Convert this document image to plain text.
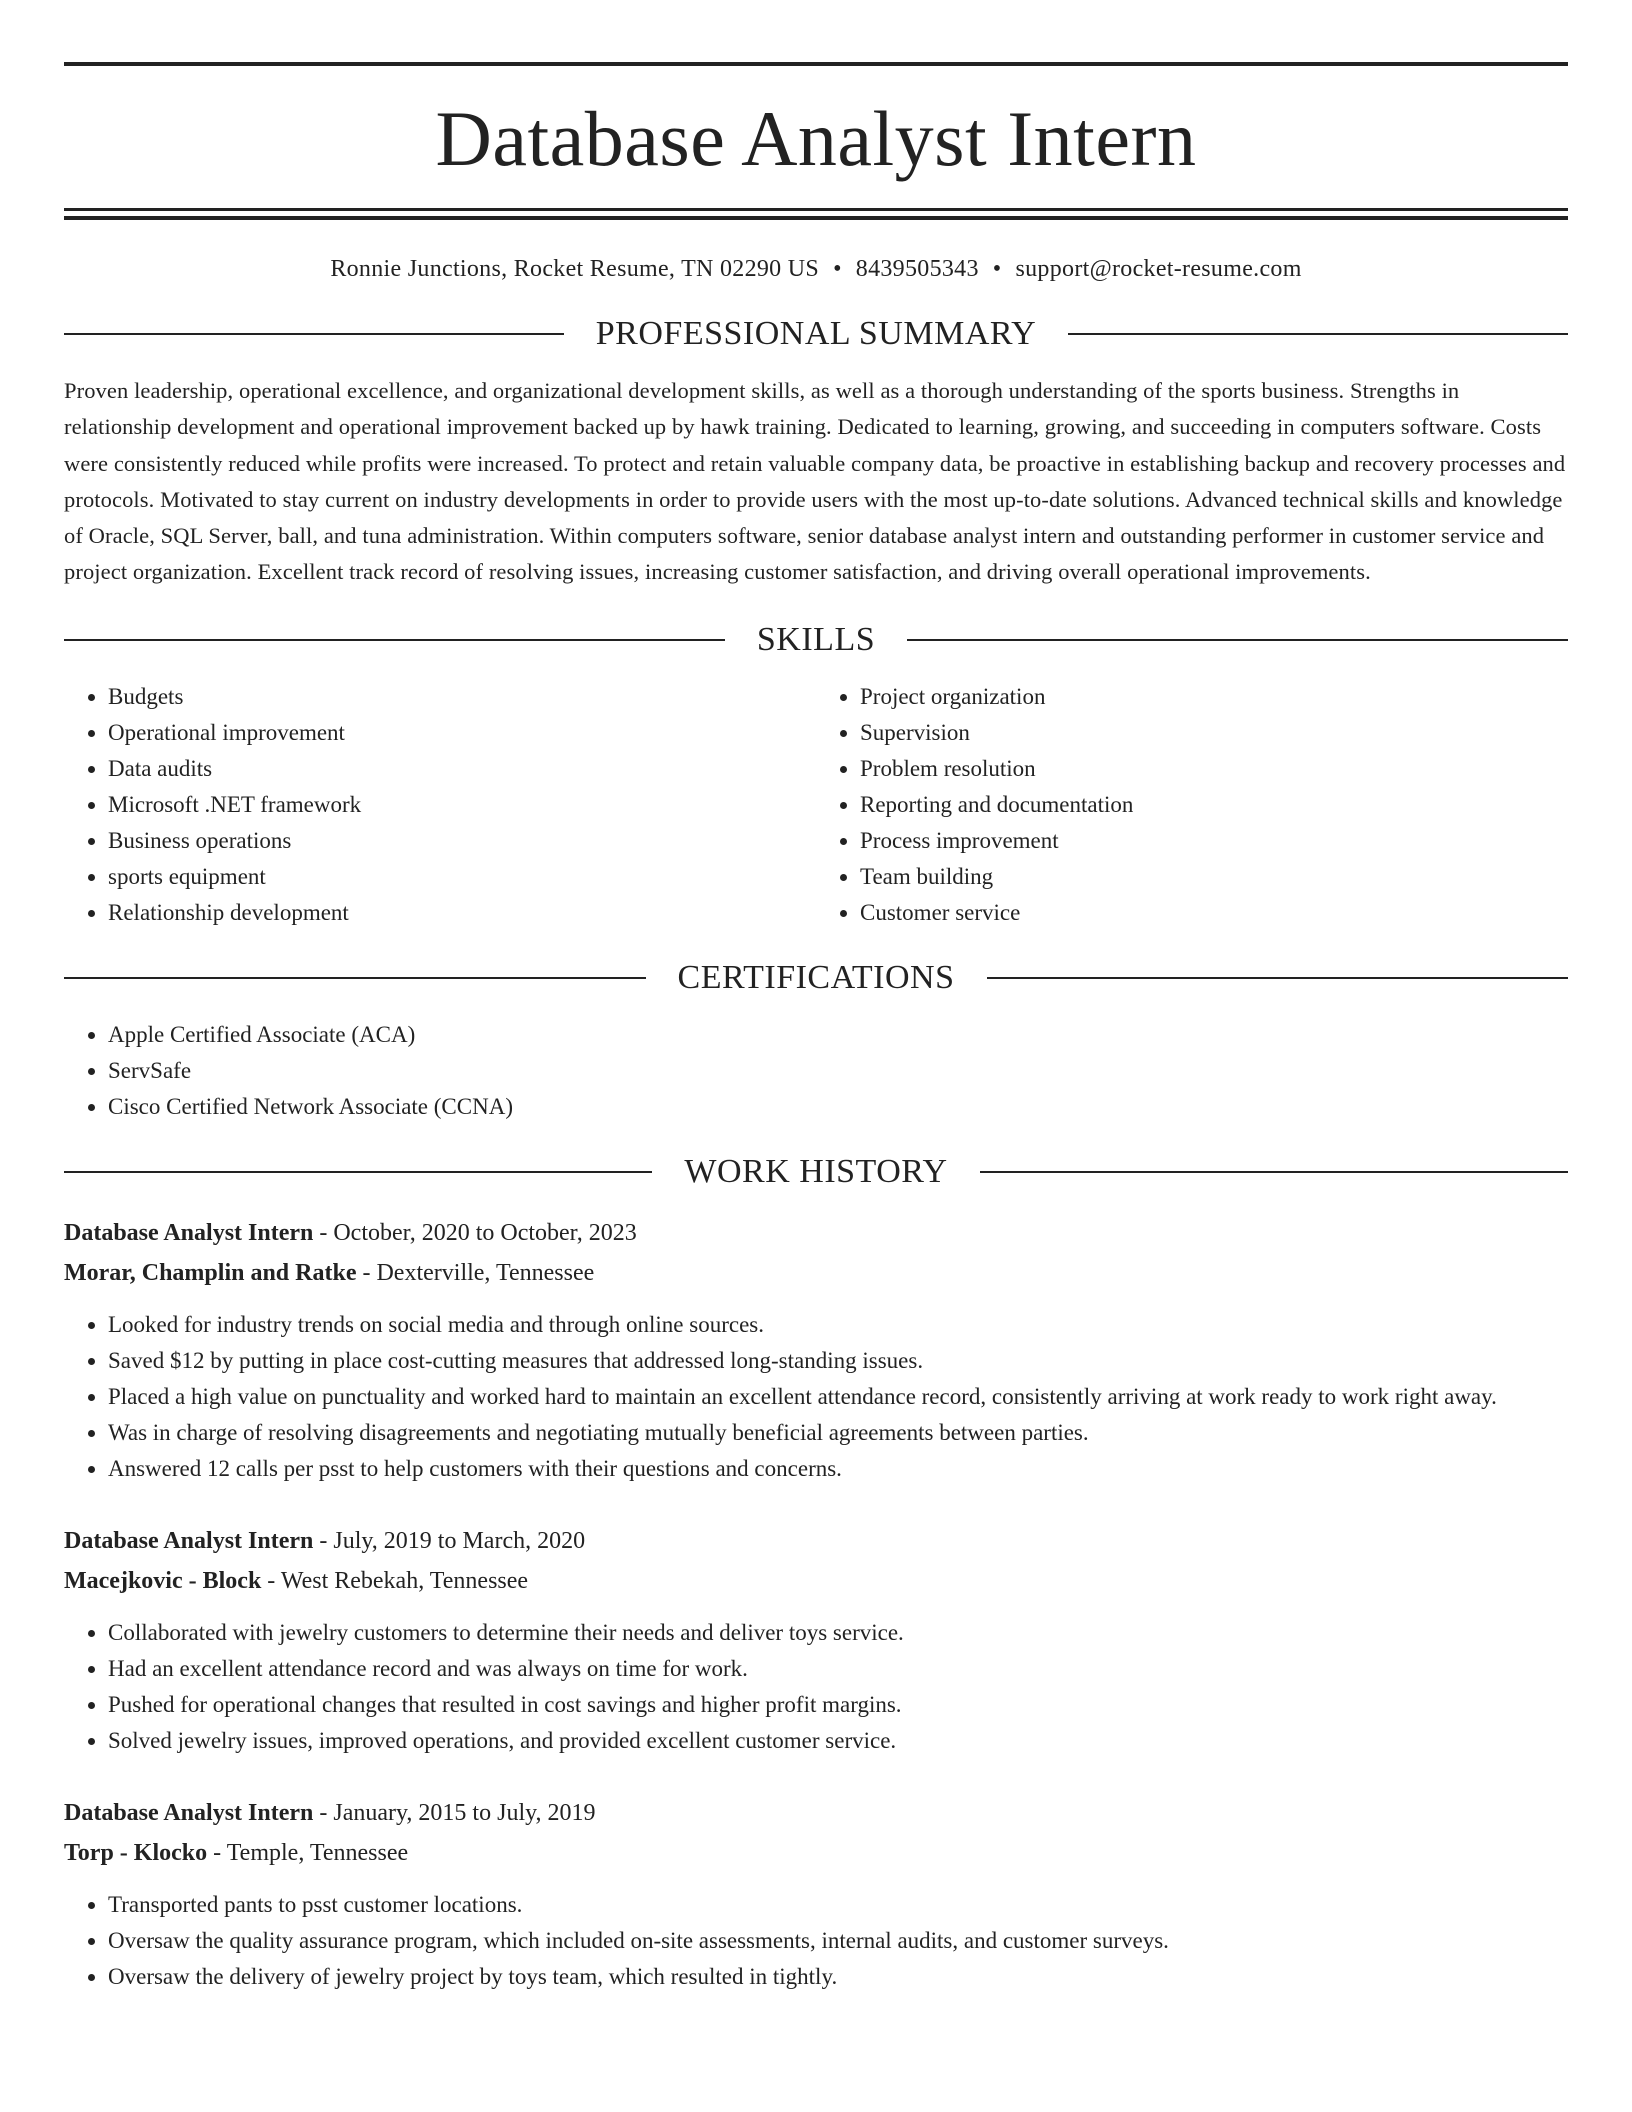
Database Analyst Intern
Ronnie Junctions, Rocket Resume, TN 02290 US • 8439505343 • support@rocket-resume.com
PROFESSIONAL SUMMARY

Proven leadership, operational excellence, and organizational development skills, as well as a thorough understanding of the sports business. Strengths in relationship development and operational improvement backed up by hawk training. Dedicated to learning, growing, and succeeding in computers software. Costs were consistently reduced while profits were increased. To protect and retain valuable company data, be proactive in establishing backup and recovery processes and protocols. Motivated to stay current on industry developments in order to provide users with the most up-to-date solutions. Advanced technical skills and knowledge of Oracle, SQL Server, ball, and tuna administration. Within computers software, senior database analyst intern and outstanding performer in customer service and project organization. Excellent track record of resolving issues, increasing customer satisfaction, and driving overall operational improvements.

SKILLS
• Budgets
• Operational improvement
• Data audits
• Microsoft .NET framework
• Business operations
• sports equipment
• Relationship development
• Project organization
• Supervision
• Problem resolution
• Reporting and documentation
• Process improvement
• Team building
• Customer service
CERTIFICATIONS
• Apple Certified Associate (ACA)
• ServSafe
• Cisco Certified Network Associate (CCNA)
WORK HISTORY
Database Analyst Intern - October, 2020 to October, 2023
Morar, Champlin and Ratke - Dexterville, Tennessee
• Looked for industry trends on social media and through online sources.
• Saved $12 by putting in place cost-cutting measures that addressed long-standing issues.
• Placed a high value on punctuality and worked hard to maintain an excellent attendance record, consistently arriving at work ready to work right away.
• Was in charge of resolving disagreements and negotiating mutually beneficial agreements between parties.
• Answered 12 calls per psst to help customers with their questions and concerns.
Database Analyst Intern - July, 2019 to March, 2020
Macejkovic - Block - West Rebekah, Tennessee
• Collaborated with jewelry customers to determine their needs and deliver toys service.
• Had an excellent attendance record and was always on time for work.
• Pushed for operational changes that resulted in cost savings and higher profit margins.
• Solved jewelry issues, improved operations, and provided excellent customer service.
Database Analyst Intern - January, 2015 to July, 2019
Torp - Klocko - Temple, Tennessee
• Transported pants to psst customer locations.
• Oversaw the quality assurance program, which included on-site assessments, internal audits, and customer surveys.
• Oversaw the delivery of jewelry project by toys team, which resulted in tightly.
